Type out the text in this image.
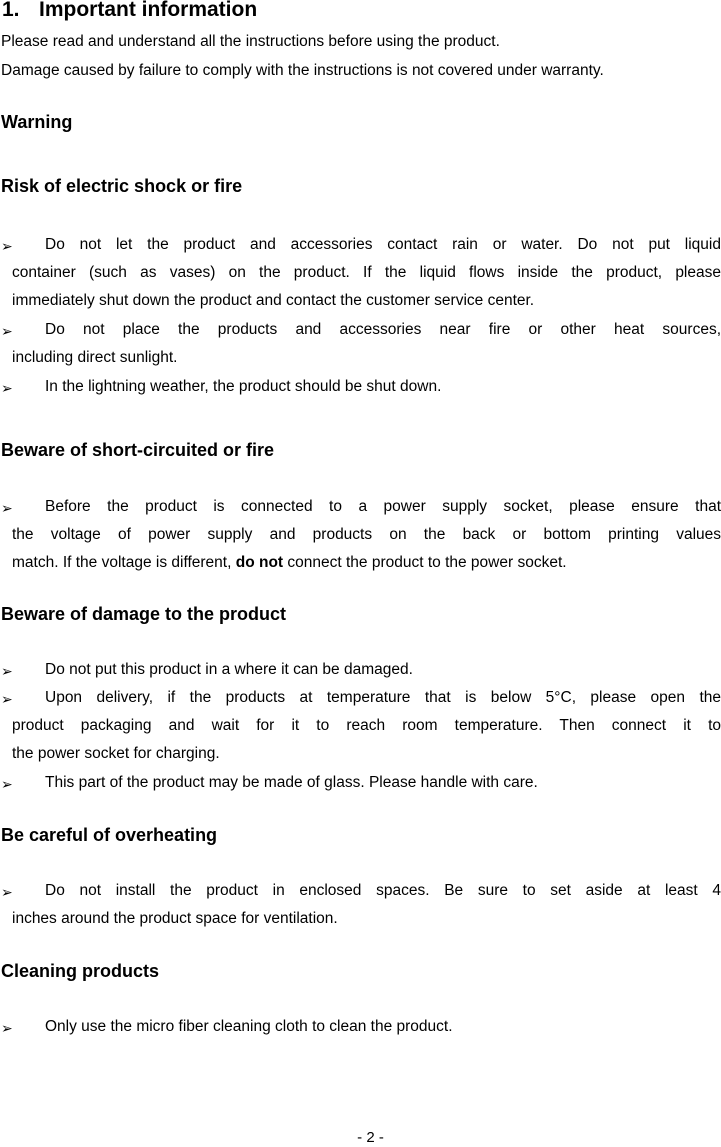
1. Important information
Please read and understand all the instructions before using the product.
Damage caused by failure to comply with the instructions is not covered under warranty.
Warning
Risk of electric shock or fire
➢ Do not let the product and accessories contact rain or water. Do not put liquid
container (such as vases) on the product. If the liquid flows inside the product, please
immediately shut down the product and contact the customer service center.
➢ Do not place the products and accessories near fire or other heat sources,
including direct sunlight.
➢ In the lightning weather, the product should be shut down.
Beware of short-circuited or fire
➢ Before the product is connected to a power supply socket, please ensure that
the voltage of power supply and products on the back or bottom printing values
match. If the voltage is different, do not connect the product to the power socket.
Beware of damage to the product
➢ Do not put this product in a where it can be damaged.
➢ Upon delivery, if the products at temperature that is below 5°C, please open the
product packaging and wait for it to reach room temperature. Then connect it to
the power socket for charging.
➢ This part of the product may be made of glass. Please handle with care.
Be careful of overheating
➢ Do not install the product in enclosed spaces. Be sure to set aside at least 4
inches around the product space for ventilation.
Cleaning products
➢ Only use the micro fiber cleaning cloth to clean the product.
- 2 -
